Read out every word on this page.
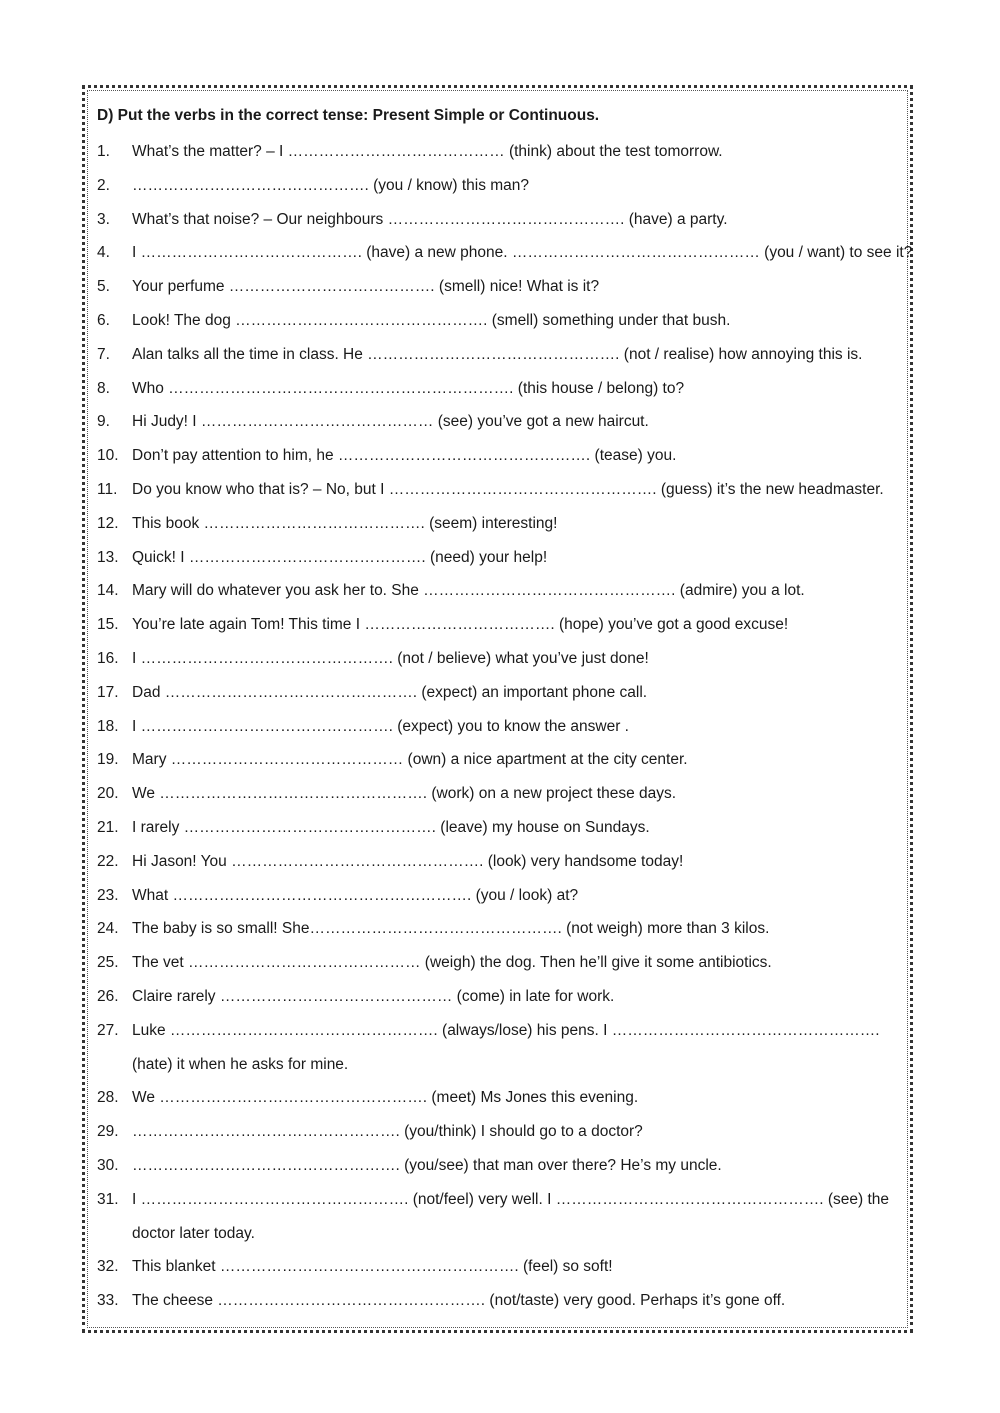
D) Put the verbs in the correct tense: Present Simple or Continuous.
1.	What’s the matter? – I …………………………………… (think) about the test tomorrow.
2.	………………………………………. (you / know) this man?
3.	What’s that noise? – Our neighbours ………………………………………. (have) a party.
4.	I ……………………………………. (have) a new phone. ………………………………………… (you / want) to see it?
5.	Your perfume …………………………………. (smell) nice! What is it?
6.	Look! The dog …………………………………………. (smell) something under that bush.
7.	Alan talks all the time in class. He …………………………………………. (not / realise) how annoying this is.
8.	Who …………………………………………………………. (this house / belong) to?
9.	Hi Judy! I ……………………………………… (see) you’ve got a new haircut.
10. Don’t pay attention to him, he …………………………………………. (tease) you.
11. Do you know who that is? – No, but I ……………………………………………. (guess) it’s the new headmaster.
12. This book ……………………………………. (seem) interesting!
13. Quick! I ………………………………………. (need) your help!
14. Mary will do whatever you ask her to. She …………………………………………. (admire) you a lot.
15. You’re late again Tom! This time I ………………………………. (hope) you’ve got a good excuse!
16. I …………………………………………. (not / believe) what you’ve just done!
17. Dad …………………………………………. (expect) an important phone call.
18. I …………………………………………. (expect) you to know the answer .
19. Mary ……………………………………… (own) a nice apartment at the city center.
20. We ……………………………………………. (work) on a new project these days.
21. I rarely …………………………………………. (leave) my house on Sundays.
22. Hi Jason! You …………………………………………. (look) very handsome today!
23. What …………………………………………………. (you / look) at?
24. The baby is so small! She…………………………………………. (not weigh) more than 3 kilos.
25. The vet ……………………………………… (weigh) the dog. Then he’ll give it some antibiotics.
26. Claire rarely ……………………………………… (come) in late for work.
27. Luke ……………………………………………. (always/lose) his pens. I ……………………………………………. (hate) it when he asks for mine.
28. We ……………………………………………. (meet) Ms Jones this evening.
29. ……………………………………………. (you/think) I should go to a doctor?
30. ……………………………………………. (you/see) that man over there? He’s my uncle.
31. I ……………………………………………. (not/feel) very well. I ……………………………………………. (see) the doctor later today.
32. This blanket …………………………………………………. (feel) so soft!
33. The cheese ……………………………………………. (not/taste) very good. Perhaps it’s gone off.
